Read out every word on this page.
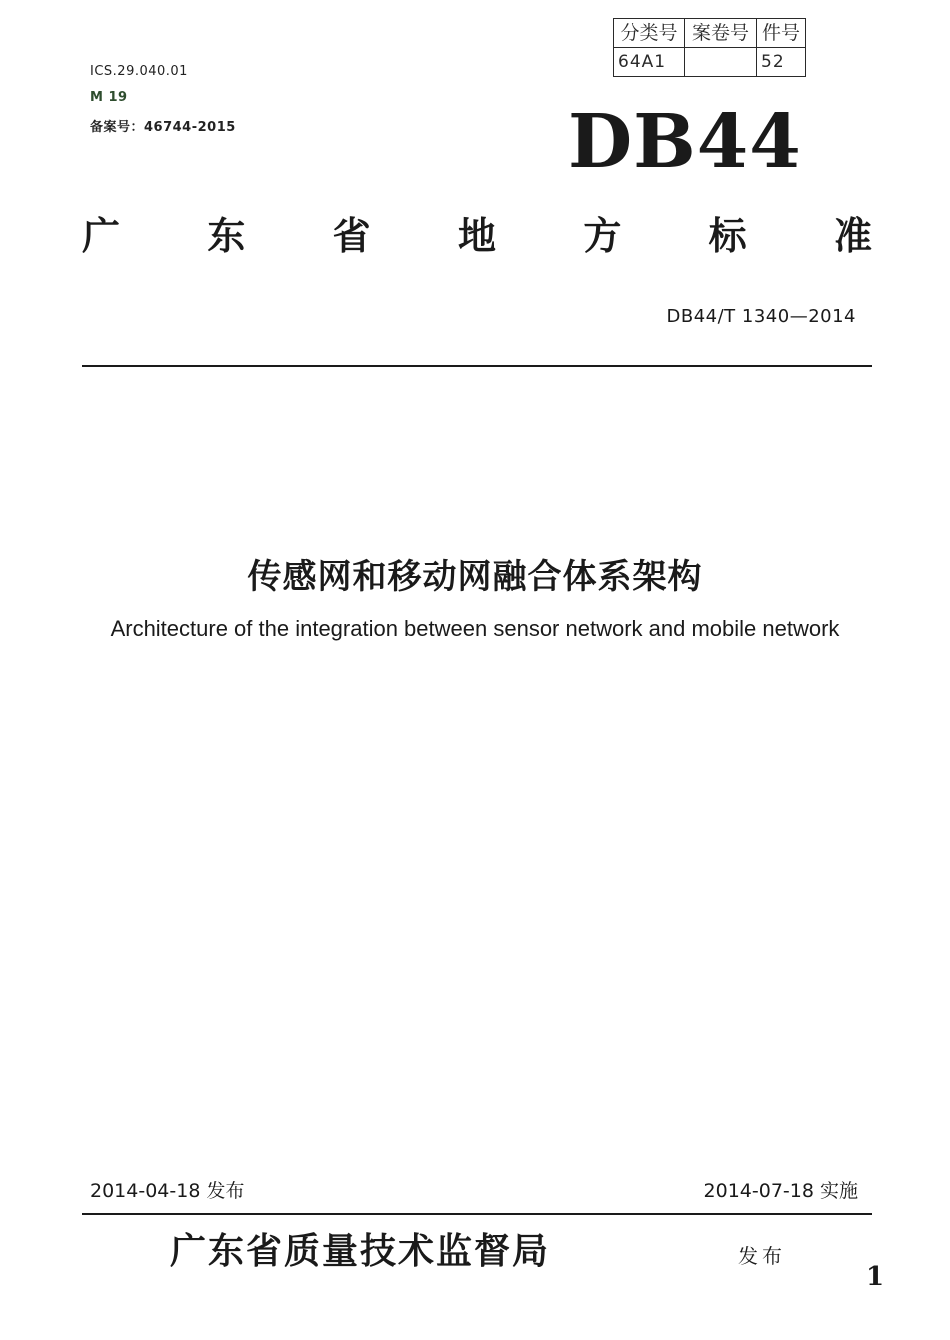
分类号	案卷号	件号
64A1		52
ICS.29.040.01
M 19
备案号：46744-2015	DB44
广 东 省 地 方 标 准
DB44/T 1340—2014
传感网和移动网融合体系架构
Architecture of the integration between sensor network and mobile network
2014-04-18 发布	2014-07-18 实施
广东省质量技术监督局	发布
1
